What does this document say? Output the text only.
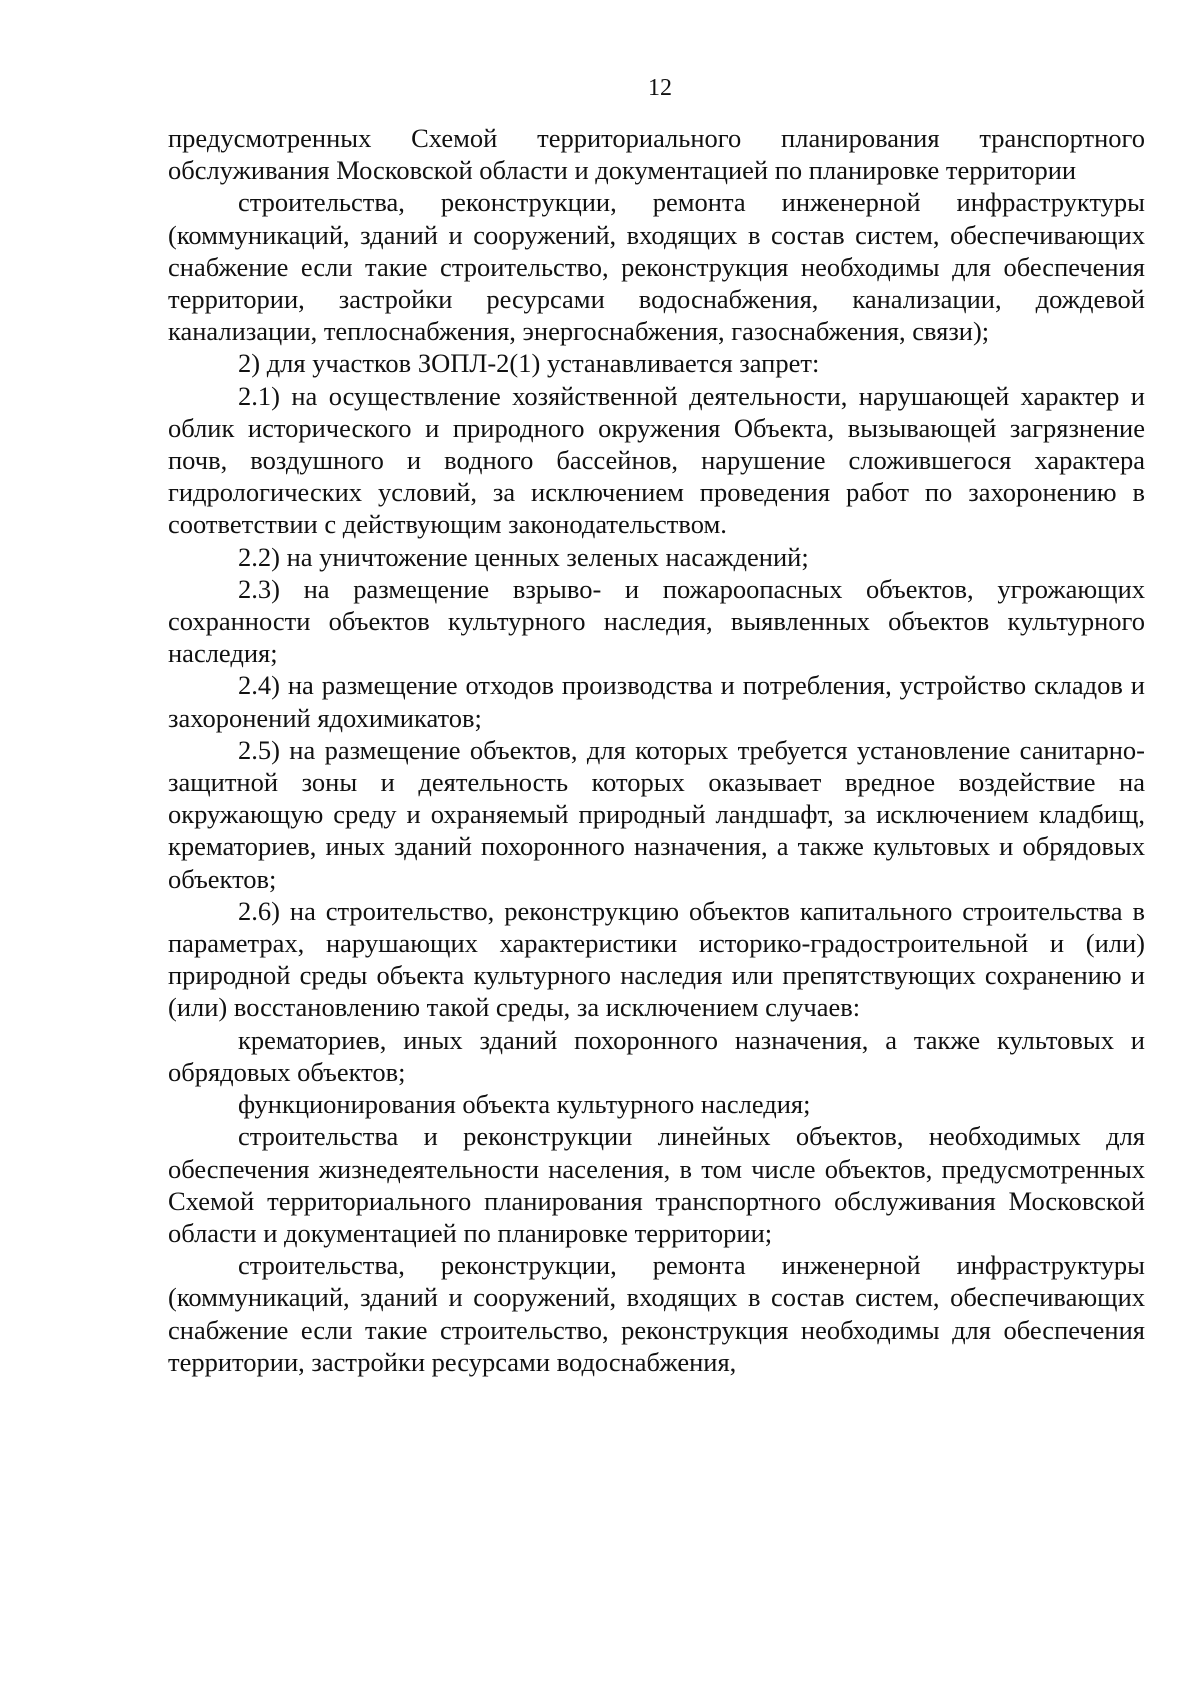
12

предусмотренных Схемой территориального планирования транспортного обслуживания Московской области и документацией по планировке территории

строительства, реконструкции, ремонта инженерной инфраструктуры (коммуникаций, зданий и сооружений, входящих в состав систем, обеспечивающих снабжение если такие строительство, реконструкция необходимы для обеспечения территории, застройки ресурсами водоснабжения, канализации, дождевой канализации, теплоснабжения, энергоснабжения, газоснабжения, связи);

2) для участков ЗОПЛ-2(1) устанавливается запрет:

2.1) на осуществление хозяйственной деятельности, нарушающей характер и облик исторического и природного окружения Объекта, вызывающей загрязнение почв, воздушного и водного бассейнов, нарушение сложившегося характера гидрологических условий, за исключением проведения работ по захоронению в соответствии с действующим законодательством.

2.2) на уничтожение ценных зеленых насаждений;

2.3) на размещение взрыво- и пожароопасных объектов, угрожающих сохранности объектов культурного наследия, выявленных объектов культурного наследия;

2.4) на размещение отходов производства и потребления, устройство складов и захоронений ядохимикатов;

2.5) на размещение объектов, для которых требуется установление санитарно-защитной зоны и деятельность которых оказывает вредное воздействие на окружающую среду и охраняемый природный ландшафт, за исключением кладбищ, крематориев, иных зданий похоронного назначения, а также культовых и обрядовых объектов;

2.6) на строительство, реконструкцию объектов капитального строительства в параметрах, нарушающих характеристики историко-градостроительной и (или) природной среды объекта культурного наследия или препятствующих сохранению и (или) восстановлению такой среды, за исключением случаев:

крематориев, иных зданий похоронного назначения, а также культовых и обрядовых объектов;

функционирования объекта культурного наследия;

строительства и реконструкции линейных объектов, необходимых для обеспечения жизнедеятельности населения, в том числе объектов, предусмотренных Схемой территориального планирования транспортного обслуживания Московской области и документацией по планировке территории;

строительства, реконструкции, ремонта инженерной инфраструктуры (коммуникаций, зданий и сооружений, входящих в состав систем, обеспечивающих снабжение если такие строительство, реконструкция необходимы для обеспечения территории, застройки ресурсами водоснабжения,
